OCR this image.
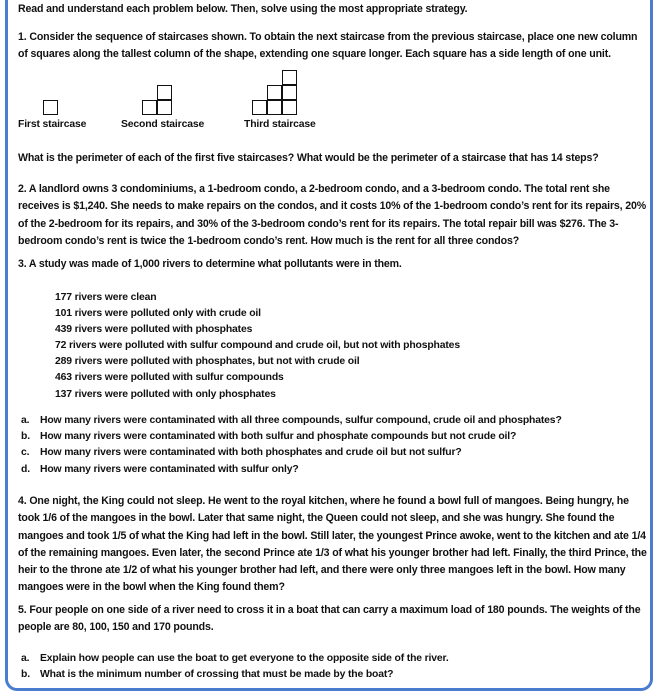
Read and understand each problem below. Then, solve using the most appropriate strategy.

1. Consider the sequence of staircases shown. To obtain the next staircase from the previous staircase, place one new column of squares along the tallest column of the shape, extending one square longer. Each square has a side length of one unit.

First staircase	Second staircase	Third staircase

What is the perimeter of each of the first five staircases? What would be the perimeter of a staircase that has 14 steps?

2. A landlord owns 3 condominiums, a 1-bedroom condo, a 2-bedroom condo, and a 3-bedroom condo. The total rent she receives is $1,240. She needs to make repairs on the condos, and it costs 10% of the 1-bedroom condo’s rent for its repairs, 20% of the 2-bedroom for its repairs, and 30% of the 3-bedroom condo’s rent for its repairs. The total repair bill was $276. The 3-bedroom condo’s rent is twice the 1-bedroom condo’s rent. How much is the rent for all three condos?

3. A study was made of 1,000 rivers to determine what pollutants were in them.

177 rivers were clean
101 rivers were polluted only with crude oil
439 rivers were polluted with phosphates
72 rivers were polluted with sulfur compound and crude oil, but not with phosphates
289 rivers were polluted with phosphates, but not with crude oil
463 rivers were polluted with sulfur compounds
137 rivers were polluted with only phosphates
a.	How many rivers were contaminated with all three compounds, sulfur compound, crude oil and phosphates?
b. How many rivers were contaminated with both sulfur and phosphate compounds but not crude oil?
c.	How many rivers were contaminated with both phosphates and crude oil but not sulfur?
d. How many rivers were contaminated with sulfur only?

4. One night, the King could not sleep. He went to the royal kitchen, where he found a bowl full of mangoes. Being hungry, he took 1/6 of the mangoes in the bowl. Later that same night, the Queen could not sleep, and she was hungry. She found the mangoes and took 1/5 of what the King had left in the bowl. Still later, the youngest Prince awoke, went to the kitchen and ate 1/4 of the remaining mangoes. Even later, the second Prince ate 1/3 of what his younger brother had left. Finally, the third Prince, the heir to the throne ate 1/2 of what his younger brother had left, and there were only three mangoes left in the bowl. How many mangoes were in the bowl when the King found them?

5. Four people on one side of a river need to cross it in a boat that can carry a maximum load of 180 pounds. The weights of the people are 80, 100, 150 and 170 pounds.

a.	Explain how people can use the boat to get everyone to the opposite side of the river.
b. What is the minimum number of crossing that must be made by the boat?
